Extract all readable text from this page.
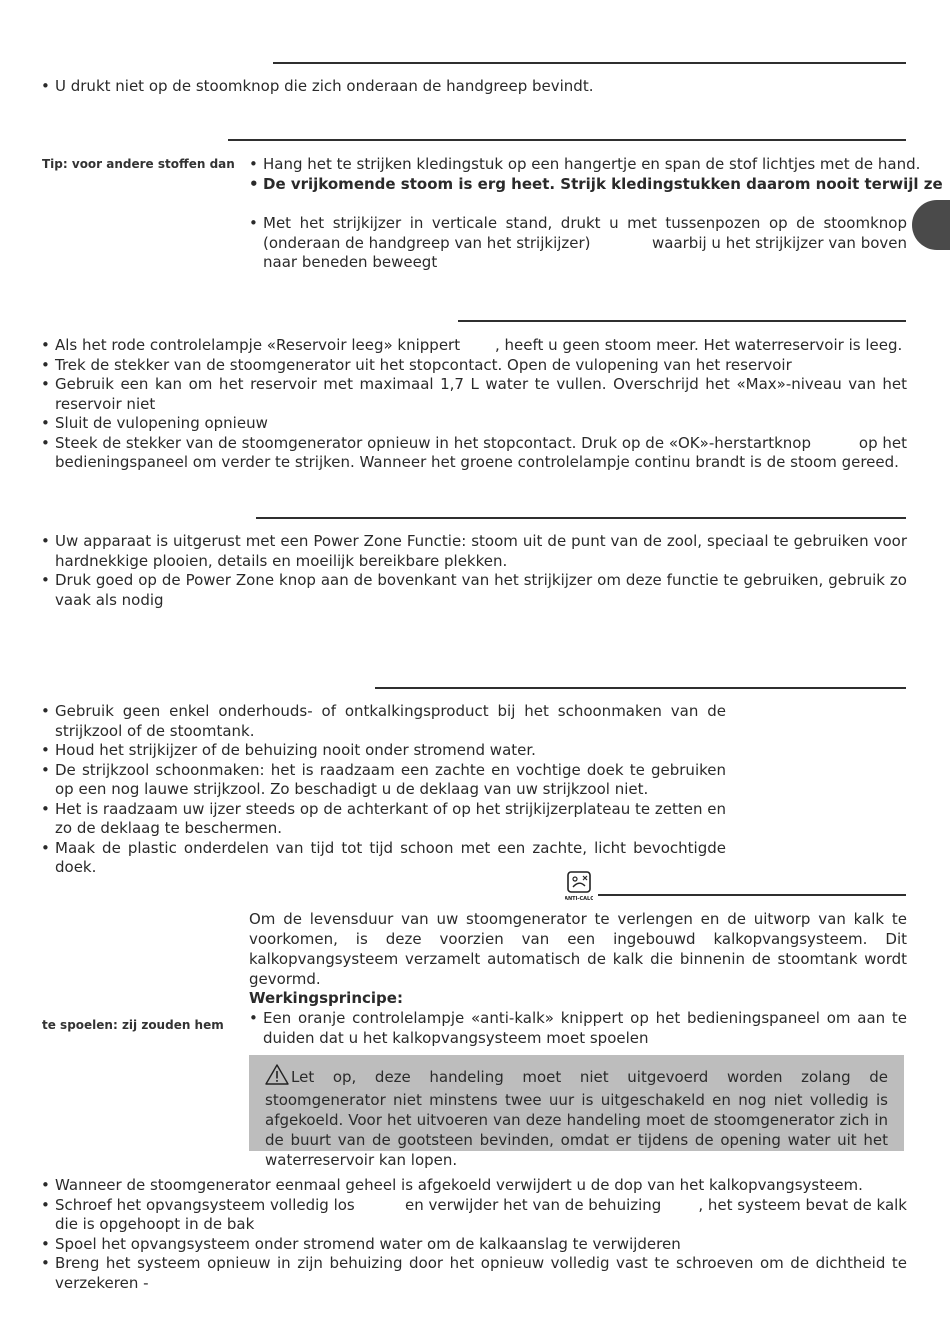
• U drukt niet op de stoomknop die zich onderaan de handgreep bevindt.
Tip: voor andere stoffen dan	• Hang het te strijken kledingstuk op een hangertje en span de stof lichtjes met de hand.
• De vrijkomende stoom is erg heet. Strijk kledingstukken daarom nooit terwijl ze
• Met het strijkijzer in verticale stand, drukt u met tussenpozen op de stoomknop
(onderaan de handgreep van het strijkijzer)	waarbij u het strijkijzer van boven
naar beneden beweegt
• Als het rode controlelampje «Reservoir leeg» knippert , heeft u geen stoom meer. Het waterreservoir is leeg.
• Trek de stekker van de stoomgenerator uit het stopcontact. Open de vulopening van het reservoir
• Gebruik een kan om het reservoir met maximaal 1,7 L water te vullen. Overschrijd het «Max»-niveau van het reservoir niet
• Sluit de vulopening opnieuw
• Steek de stekker van de stoomgenerator opnieuw in het stopcontact. Druk op de «OK»-herstartknop	op het
bedieningspaneel om verder te strijken. Wanneer het groene controlelampje continu brandt is de stoom gereed.
• Uw apparaat is uitgerust met een Power Zone Functie: stoom uit de punt van de zool, speciaal te gebruiken voor hardnekkige plooien, details en moeilijk bereikbare plekken.
• Druk goed op de Power Zone knop aan de bovenkant van het strijkijzer om deze functie te gebruiken, gebruik zo vaak als nodig
• Gebruik geen enkel onderhouds- of ontkalkingsproduct bij het schoonmaken van de strijkzool of de stoomtank.
• Houd het strijkijzer of de behuizing nooit onder stromend water.
• De strijkzool schoonmaken: het is raadzaam een zachte en vochtige doek te gebruiken op een nog lauwe strijkzool. Zo beschadigt u de deklaag van uw strijkzool niet.
• Het is raadzaam uw ijzer steeds op de achterkant of op het strijkijzerplateau te zetten en zo de deklaag te beschermen.
• Maak de plastic onderdelen van tijd tot tijd schoon met een zachte, licht bevochtigde doek.
ANTI-CALC

Om de levensduur van uw stoomgenerator te verlengen en de uitworp van kalk te voorkomen, is deze voorzien van een ingebouwd kalkopvangsysteem. Dit kalkopvangsysteem verzamelt automatisch de kalk die binnenin de stoomtank wordt gevormd.

Werkingsprincipe:
te spoelen: zij zouden hem	• Een oranje controlelampje «anti-kalk» knippert op het bedieningspaneel om aan te duiden dat u het kalkopvangsysteem moet spoelen

Let op, deze handeling moet niet uitgevoerd worden zolang de stoomgenerator niet minstens twee uur is uitgeschakeld en nog niet volledig is afgekoeld. Voor het uitvoeren van deze handeling moet de stoomgenerator zich in de buurt van de gootsteen bevinden, omdat er tijdens de opening water uit het waterreservoir kan lopen.

• Wanneer de stoomgenerator eenmaal geheel is afgekoeld verwijdert u de dop van het kalkopvangsysteem.
• Schroef het opvangsysteem volledig los	en verwijder het van de behuizing , het systeem bevat de kalk
die is opgehoopt in de bak
• Spoel het opvangsysteem onder stromend water om de kalkaanslag te verwijderen
• Breng het systeem opnieuw in zijn behuizing door het opnieuw volledig vast te schroeven om de dichtheid te verzekeren -
